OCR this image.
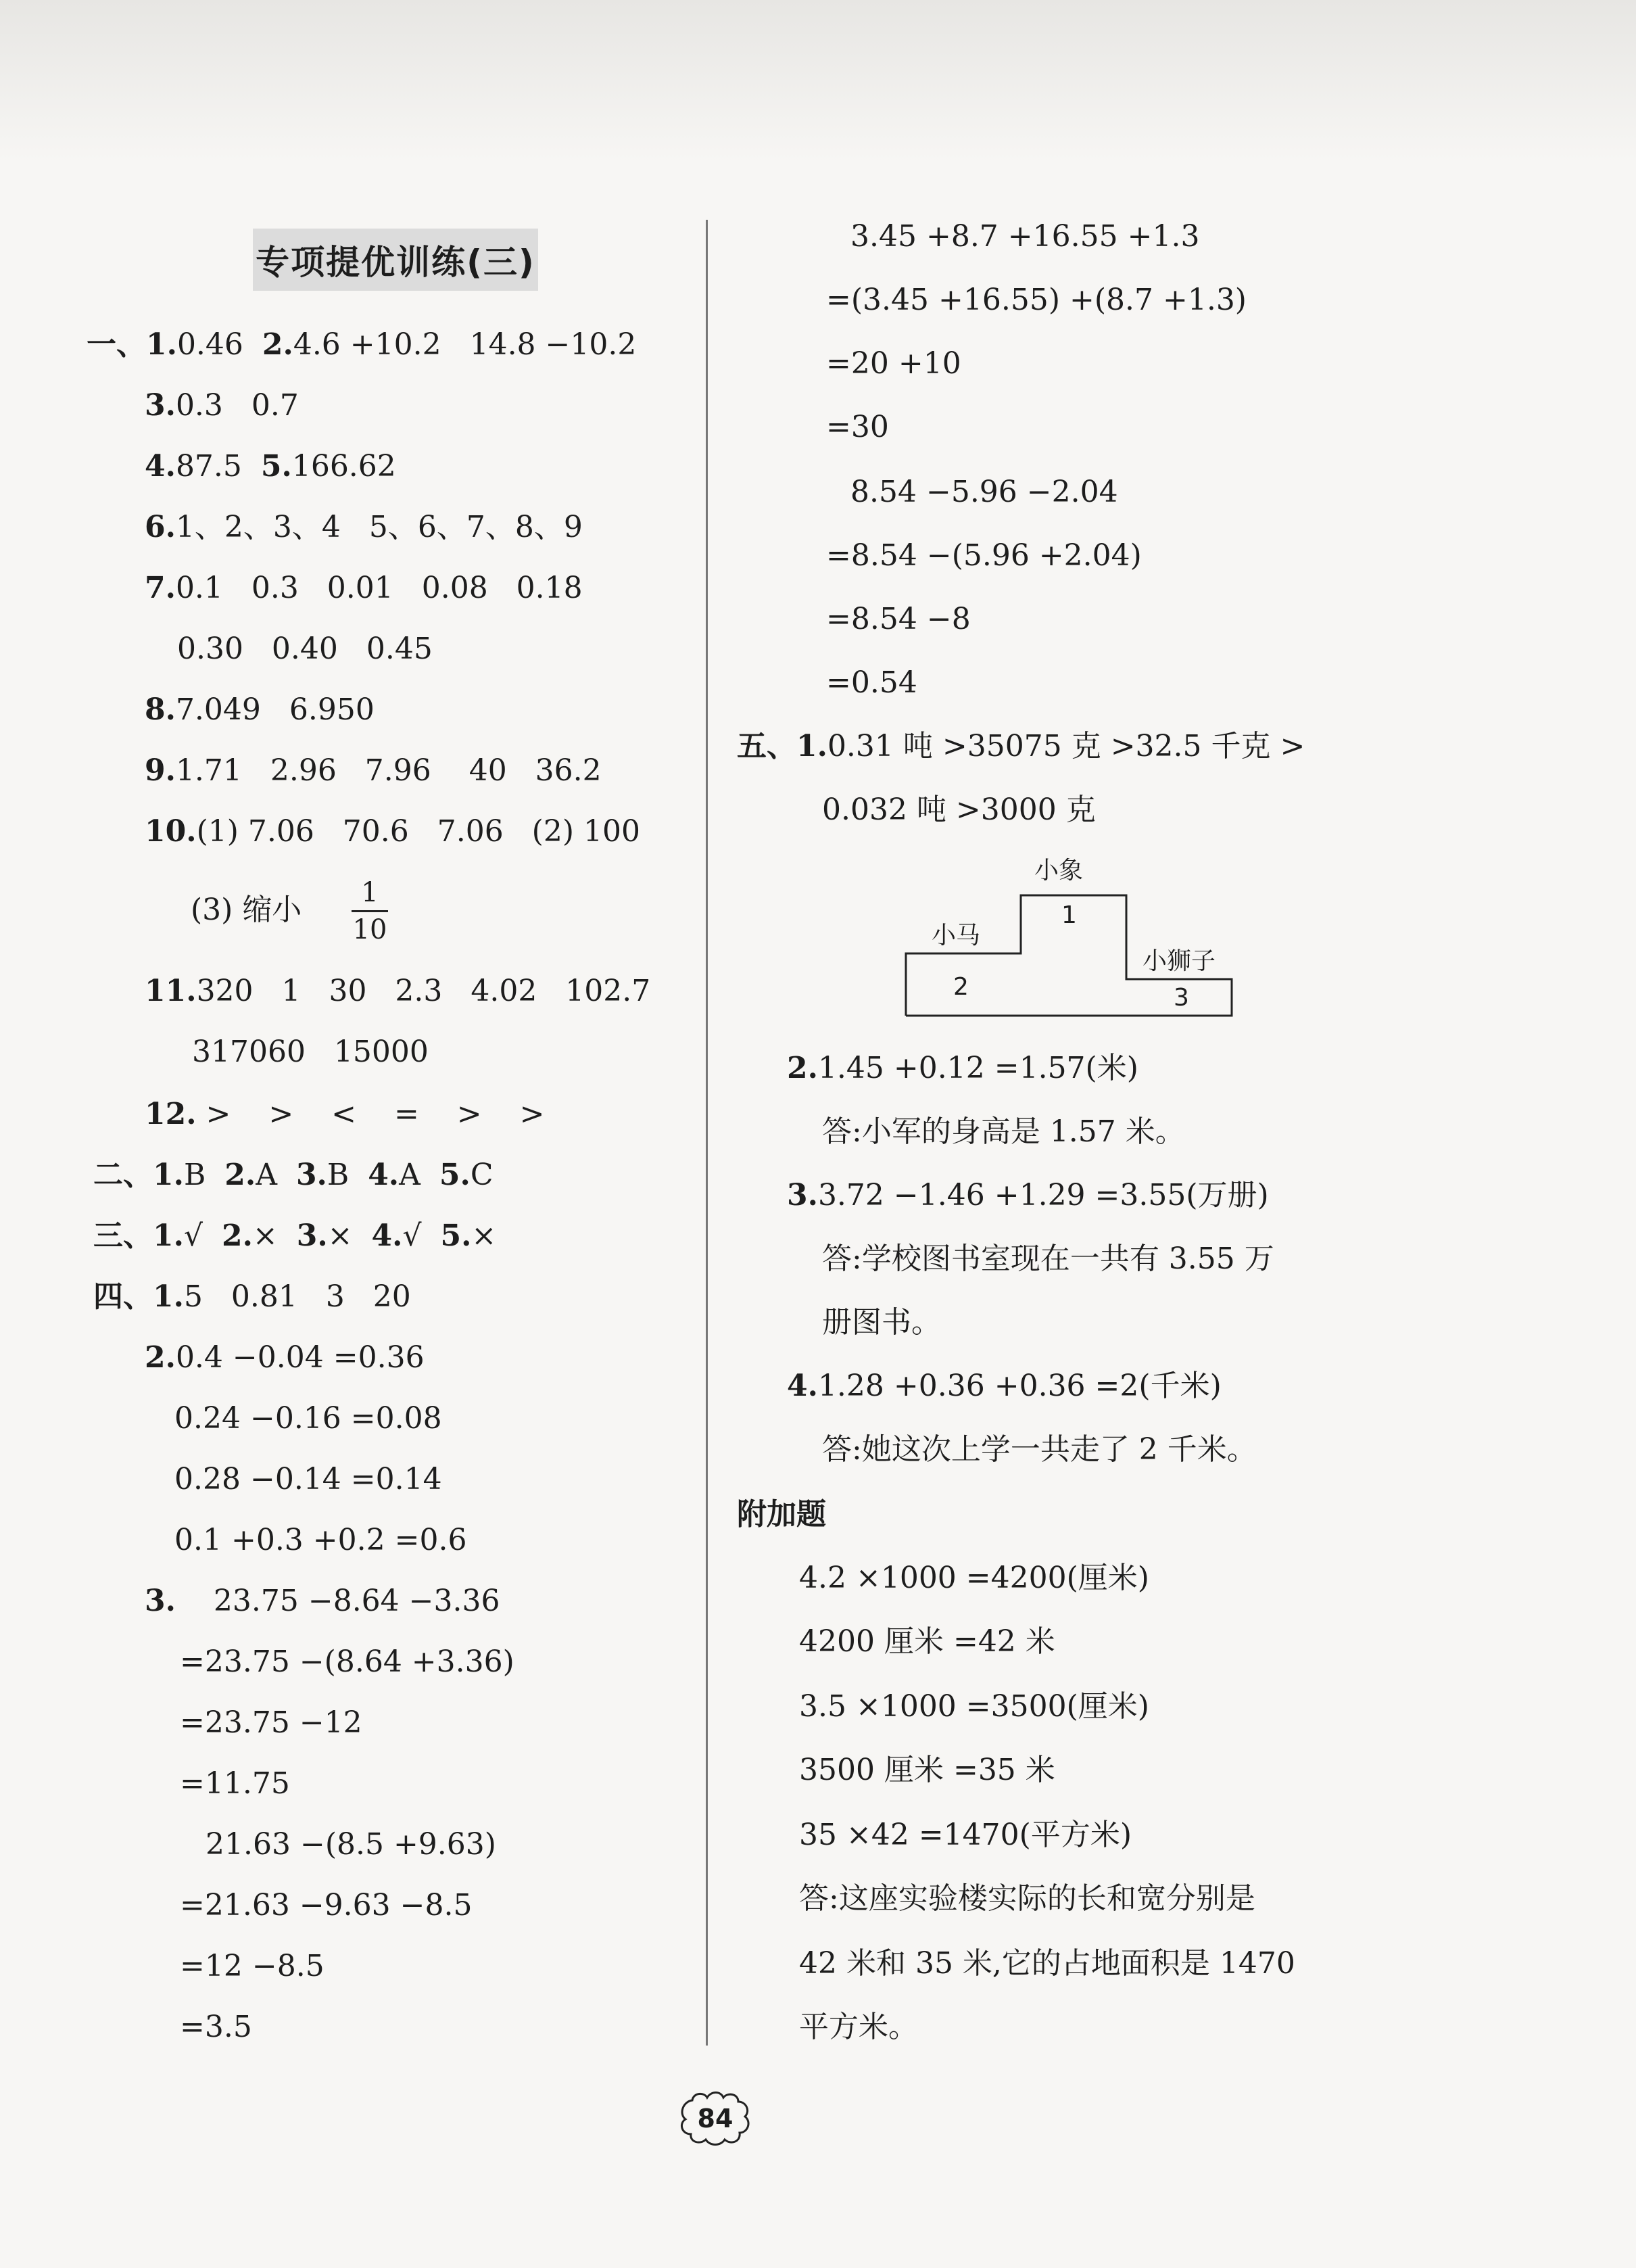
专项提优训练(三)

一、1.0.46  2.4.6 +10.2   14.8 −10.2

3.0.3   0.7

4.87.5  5.166.62

6.1、2、3、4   5、6、7、8、9

7.0.1   0.3   0.01   0.08   0.18

0.30   0.40   0.45

8.7.049   6.950

9.1.71   2.96   7.96    40   36.2

10.(1) 7.06   70.6   7.06   (2) 100

(3) 缩小	1
10

11.320   1   30   2.3   4.02   102.7

317060   15000

12. >    >    <    =    >    >

二、1.B  2.A  3.B  4.A  5.C

三、1.√  2.×  3.×  4.√  5.×

四、1.5   0.81   3   20

2.0.4 −0.04 =0.36

0.24 −0.16 =0.08

0.28 −0.14 =0.14

0.1 +0.3 +0.2 =0.6

3.    23.75 −8.64 −3.36

=23.75 −(8.64 +3.36)

=23.75 −12

=11.75

21.63 −(8.5 +9.63)

=21.63 −9.63 −8.5

=12 −8.5

=3.5

3.45 +8.7 +16.55 +1.3

=(3.45 +16.55) +(8.7 +1.3)

=20 +10

=30

8.54 −5.96 −2.04

=8.54 −(5.96 +2.04)

=8.54 −8

=0.54

五、1.0.31 吨 >35075 克 >32.5 千克 >

0.032 吨 >3000 克

小象
1
小马
2
小狮子
3

2.1.45 +0.12 =1.57(米)

答:小军的身高是 1.57 米。

3.3.72 −1.46 +1.29 =3.55(万册)

答:学校图书室现在一共有 3.55 万

册图书。

4.1.28 +0.36 +0.36 =2(千米)

答:她这次上学一共走了 2 千米。

附加题

4.2 ×1000 =4200(厘米)

4200 厘米 =42 米

3.5 ×1000 =3500(厘米)

3500 厘米 =35 米

35 ×42 =1470(平方米)

答:这座实验楼实际的长和宽分别是

42 米和 35 米,它的占地面积是 1470

平方米。

84
